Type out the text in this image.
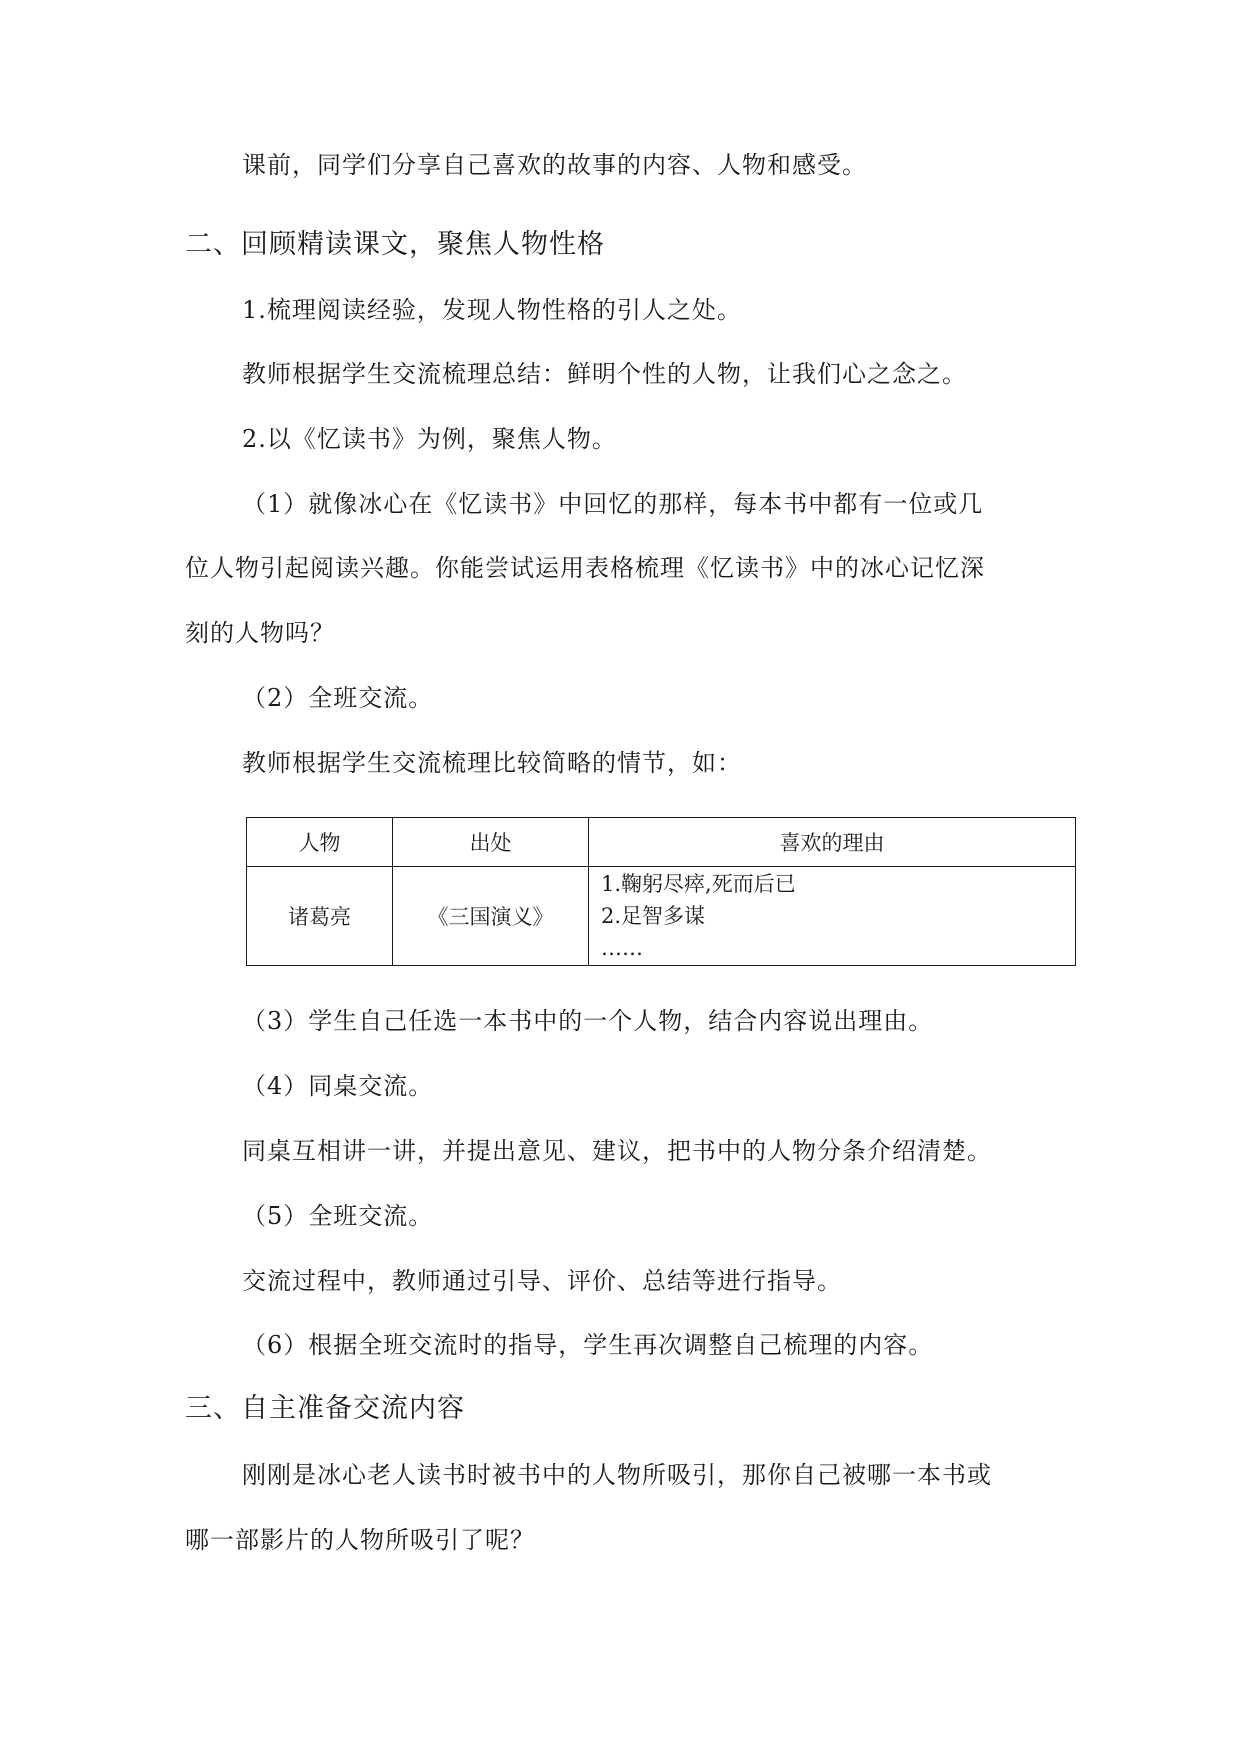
课前，同学们分享自己喜欢的故事的内容、人物和感受。
二、回顾精读课文，聚焦人物性格
1.梳理阅读经验，发现人物性格的引人之处。
教师根据学生交流梳理总结：鲜明个性的人物，让我们心之念之。
2.以《忆读书》为例，聚焦人物。
（1）就像冰心在《忆读书》中回忆的那样，每本书中都有一位或几
位人物引起阅读兴趣。你能尝试运用表格梳理《忆读书》中的冰心记忆深
刻的人物吗？
（2）全班交流。
教师根据学生交流梳理比较简略的情节，如：
人物	出处	喜欢的理由
诸葛亮	《三国演义》	1.鞠躬尽瘁,死而后已
2.足智多谋
……
（3）学生自己任选一本书中的一个人物，结合内容说出理由。
（4）同桌交流。
同桌互相讲一讲，并提出意见、建议，把书中的人物分条介绍清楚。
（5）全班交流。
交流过程中，教师通过引导、评价、总结等进行指导。
（6）根据全班交流时的指导，学生再次调整自己梳理的内容。
三、自主准备交流内容
刚刚是冰心老人读书时被书中的人物所吸引，那你自己被哪一本书或
哪一部影片的人物所吸引了呢？
